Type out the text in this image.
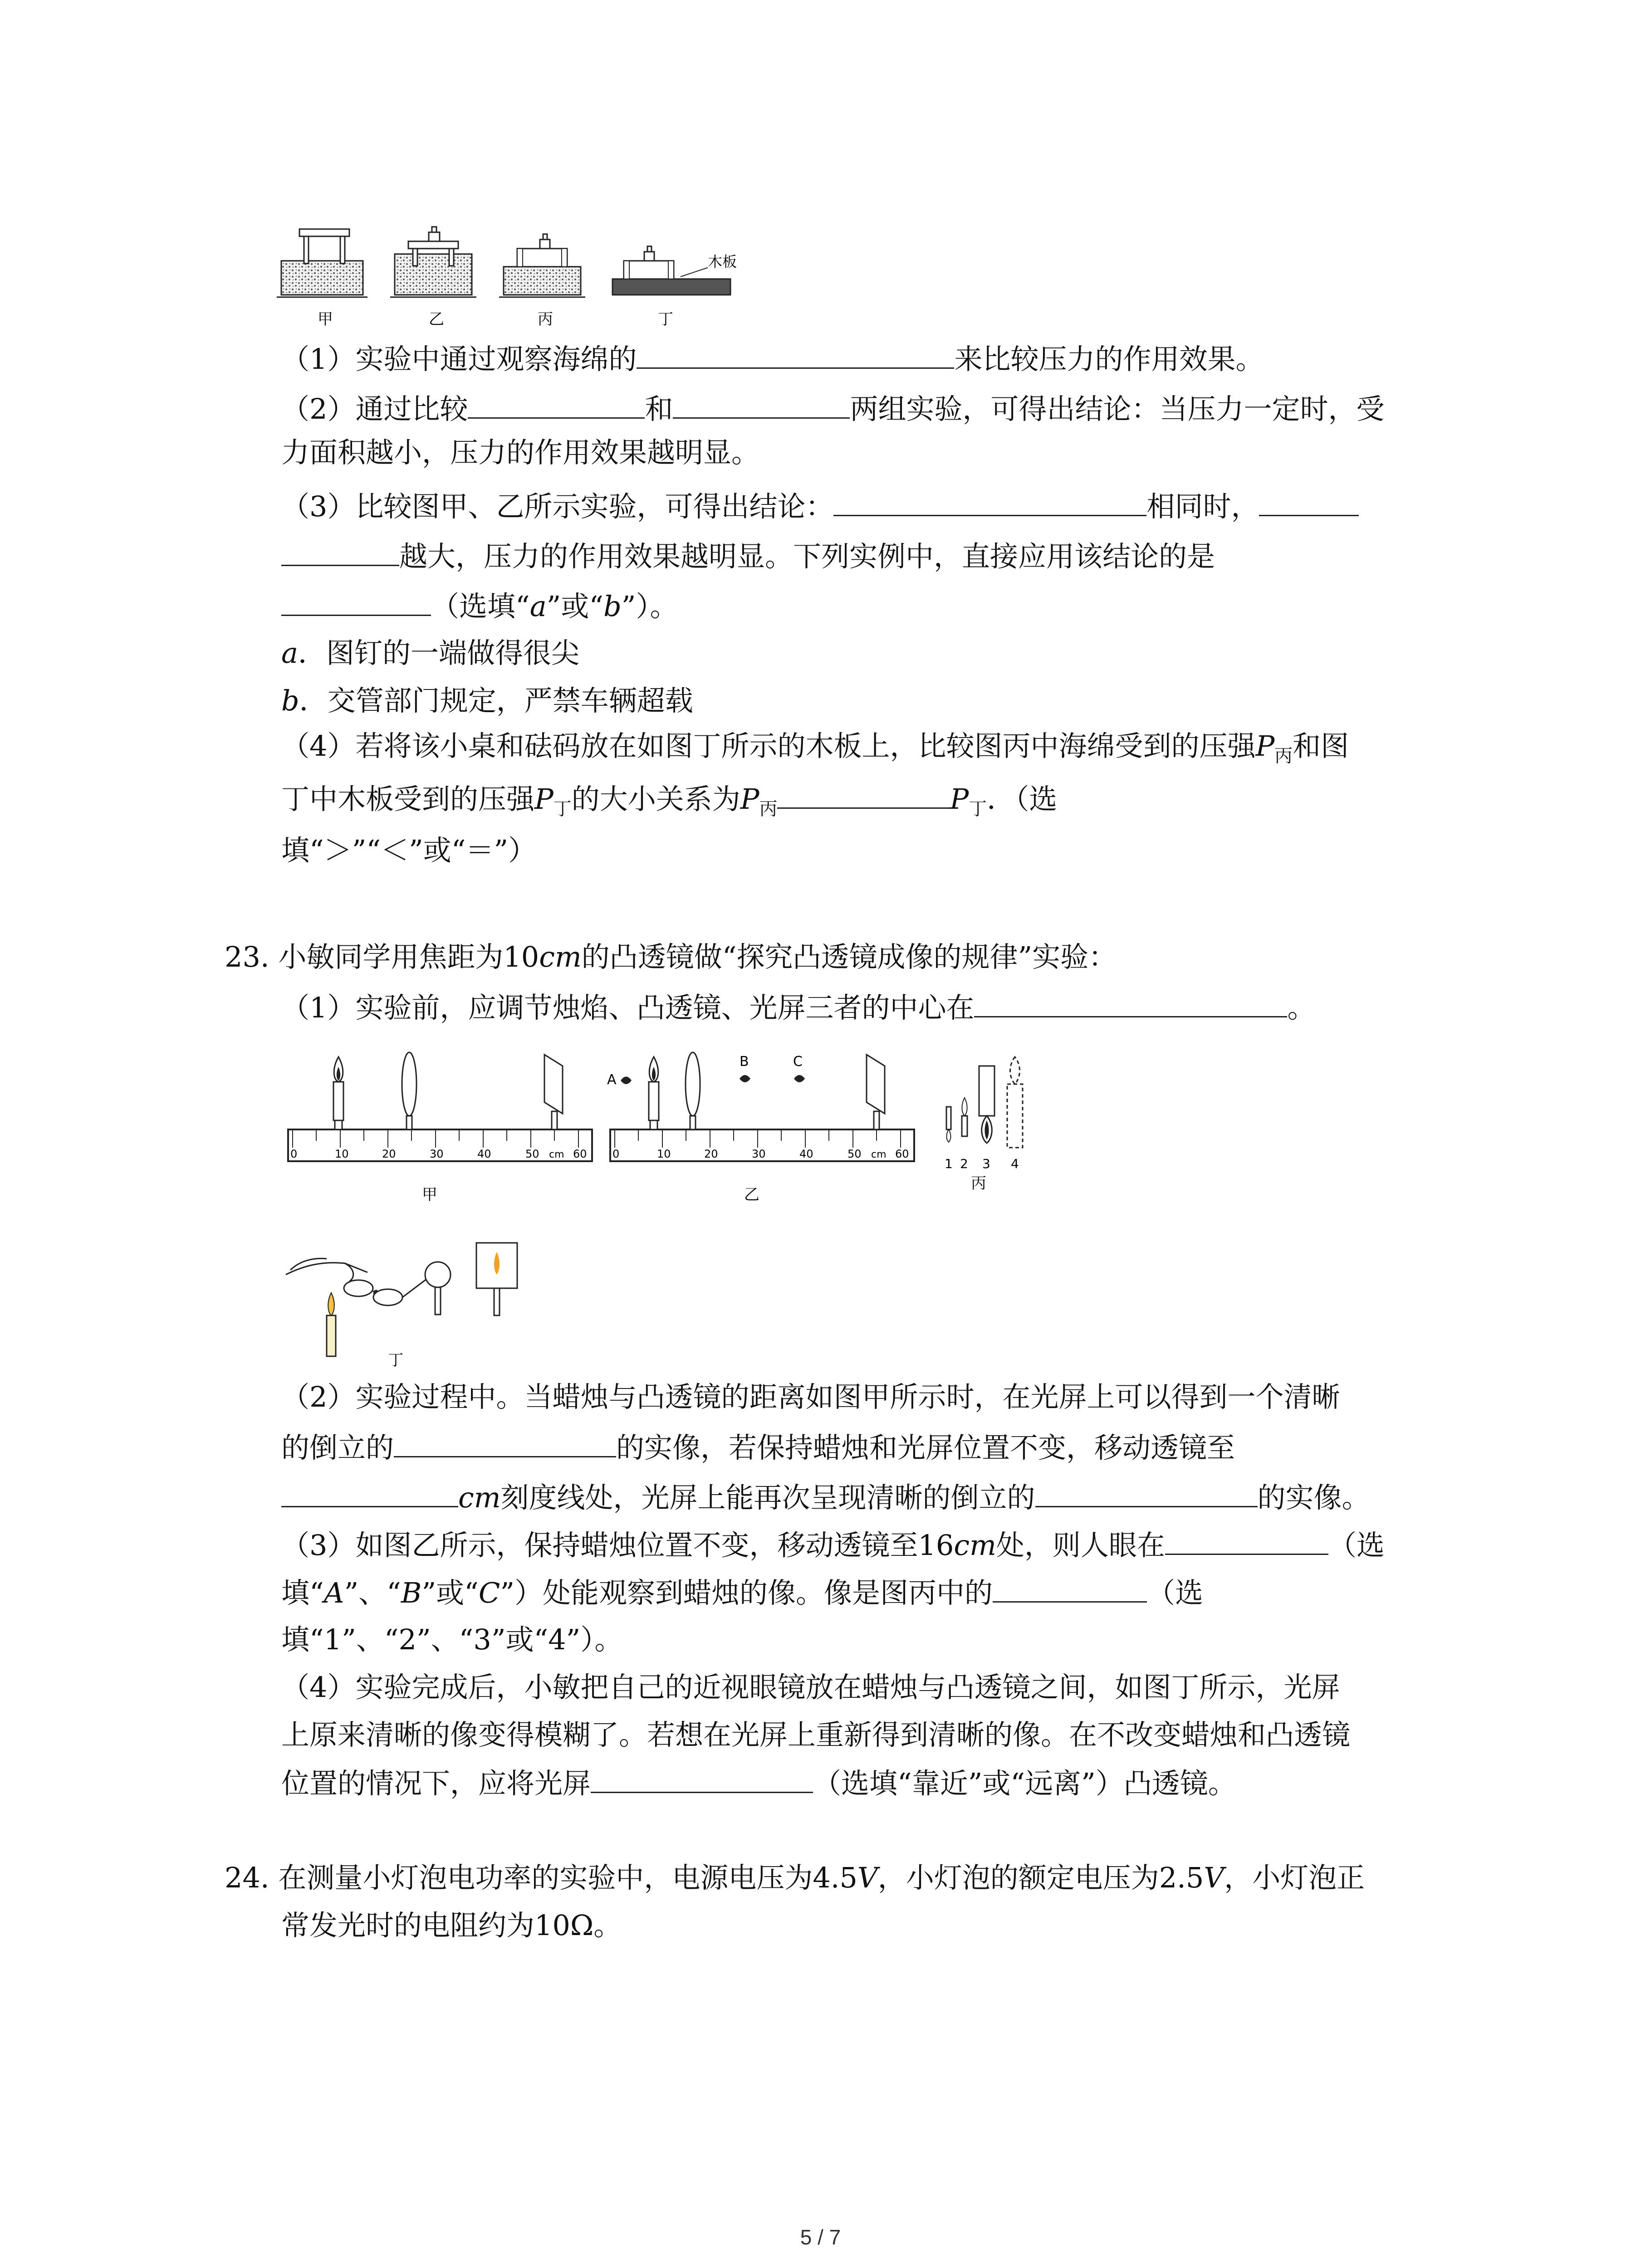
木板
甲	乙	丙	丁
（1）实验中通过观察海绵的	来比较压力的作用效果。
（2）通过比较	和	两组实验，可得出结论：当压力一定时，受
力面积越小，压力的作用效果越明显。
（3）比较图甲、乙所示实验，可得出结论：	相同时，
越大，压力的作用效果越明显。下列实例中，直接应用该结论的是
（选填“a”或“b”）。
a．图钉的一端做得很尖
b．交管部门规定，严禁车辆超载
（4）若将该小桌和砝码放在如图丁所示的木板上，比较图丙中海绵受到的压强$P_丙$和图
丁中木板受到的压强$P_丁$的大小关系为$P_丙$	$P_丁$．（选
填“＞”“＜”或“＝”）
23. 小敏同学用焦距为10cm的凸透镜做“探究凸透镜成像的规律”实验：
（1）实验前，应调节烛焰、凸透镜、光屏三者的中心在	。
0	10	20	30	40	50 cm 60
甲
0	10	20	30	40	50 cm 60
A
B	C
乙
1 2 3 4
丙
丁
（2）实验过程中。当蜡烛与凸透镜的距离如图甲所示时，在光屏上可以得到一个清晰
的倒立的	的实像，若保持蜡烛和光屏位置不变，移动透镜至
cm刻度线处，光屏上能再次呈现清晰的倒立的	的实像。
（3）如图乙所示，保持蜡烛位置不变，移动透镜至16cm处，则人眼在	（选
填“A”、“B”或“C”）处能观察到蜡烛的像。像是图丙中的	（选
填“1”、“2”、“3”或“4”）。
（4）实验完成后，小敏把自己的近视眼镜放在蜡烛与凸透镜之间，如图丁所示，光屏
上原来清晰的像变得模糊了。若想在光屏上重新得到清晰的像。在不改变蜡烛和凸透镜
位置的情况下，应将光屏	（选填“靠近”或“远离”）凸透镜。
24. 在测量小灯泡电功率的实验中，电源电压为4.5V，小灯泡的额定电压为2.5V，小灯泡正
常发光时的电阻约为10Ω。
5 / 7
